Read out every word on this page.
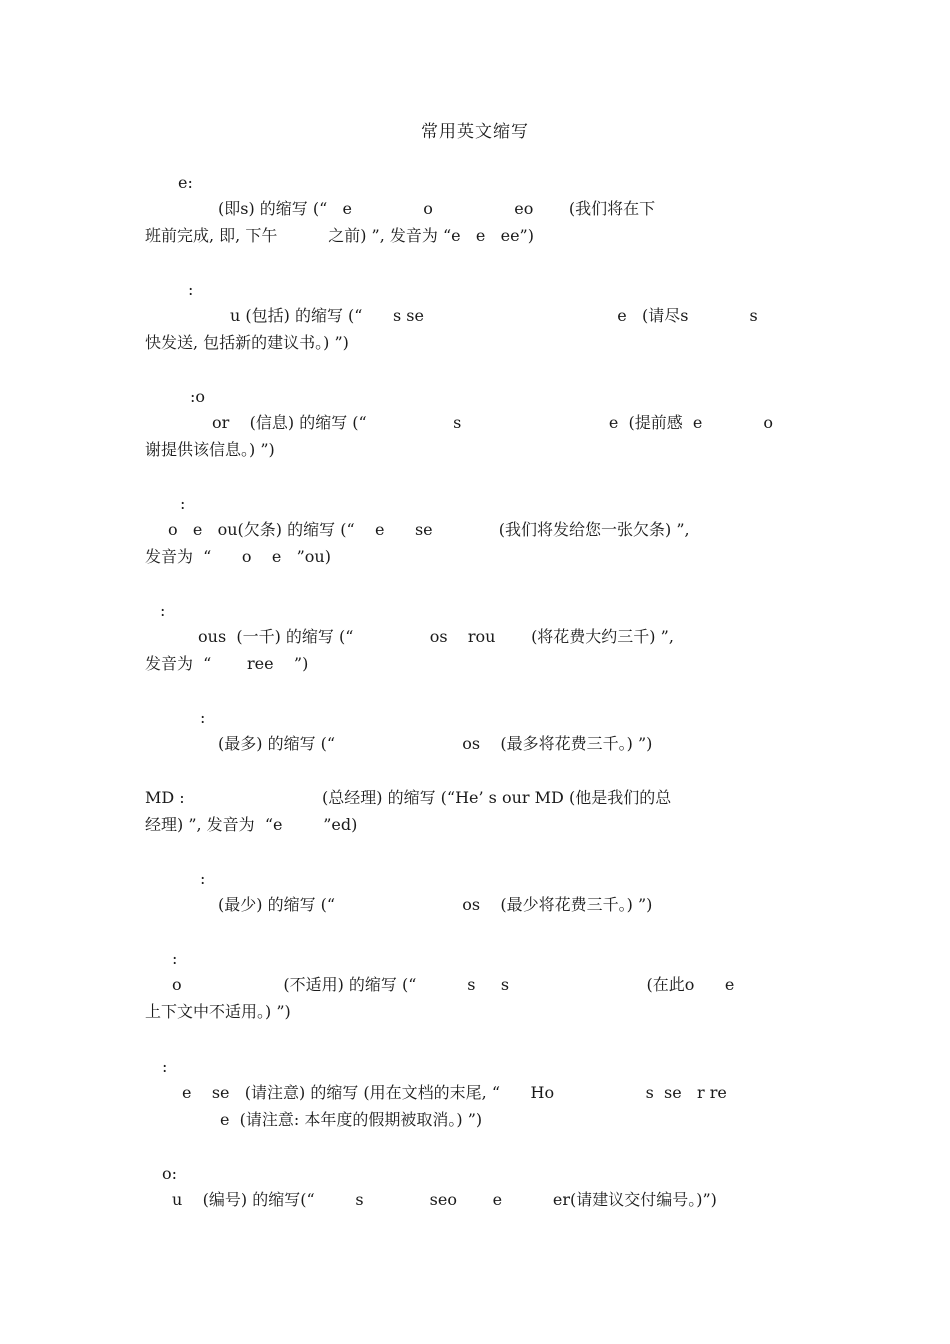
常用英文缩写
e:
(即s) 的缩写 (“   e              o                eo       (我们将在下
班前完成, 即, 下午          之前) ”, 发音为 “e   e   ee”)
:
u (包括) 的缩写 (“      s se                                      e   (请尽s            s
快发送, 包括新的建议书。) ”)
:o
or    (信息) 的缩写 (“                 s                             e  (提前感  e            o
谢提供该信息。) ”)
:
o   e   ou(欠条) 的缩写 (“    e      se             (我们将发给您一张欠条) ”,
发音为  “      o    e   ”ou)
:
ous  (一千) 的缩写 (“               os    rou       (将花费大约三千) ”,
发音为  “       ree    ”)
:
(最多) 的缩写 (“                         os    (最多将花费三千。) ”)
MD :                           (总经理) 的缩写 (“He’ s our MD (他是我们的总
经理) ”, 发音为  “e        ”ed)
:
(最少) 的缩写 (“                         os    (最少将花费三千。) ”)
:
o                    (不适用) 的缩写 (“          s     s                           (在此o      e
上下文中不适用。) ”)
:
e    se   (请注意) 的缩写 (用在文档的末尾, “      Ho                  s  se   r re
e  (请注意: 本年度的假期被取消。) ”)
o:
u    (编号) 的缩写(“        s             seo       e          er(请建议交付编号。)”)
